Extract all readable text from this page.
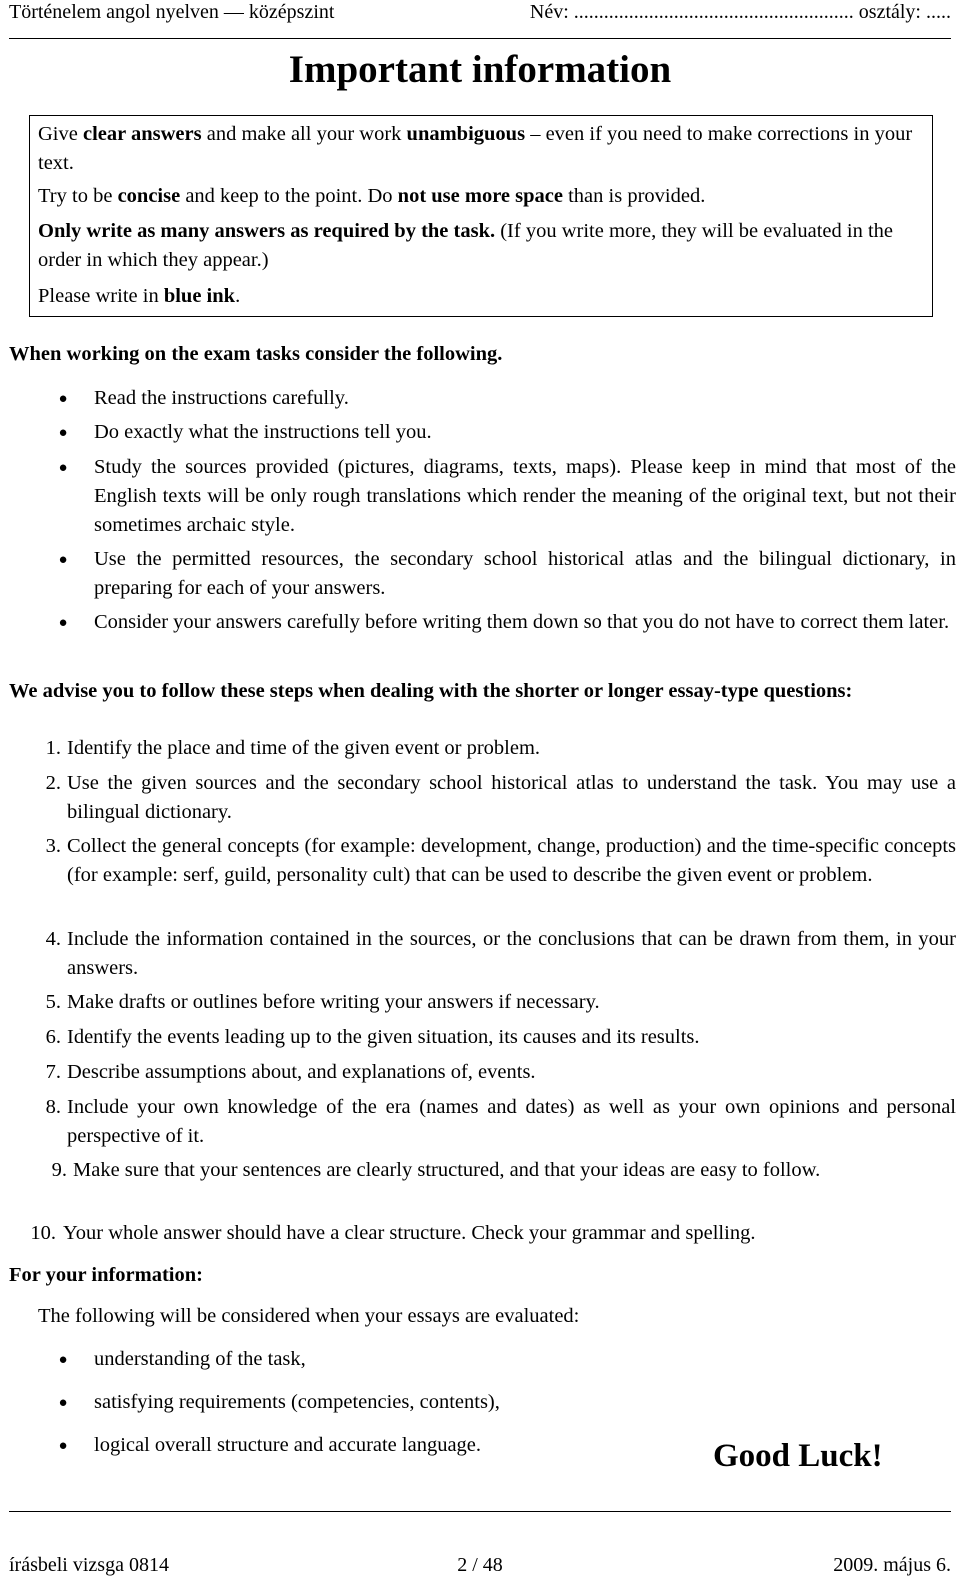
Történelem angol nyelven — középszint	Név: ........................................................ osztály: .....
Important information

Give clear answers and make all your work unambiguous – even if you need to make corrections in your text.

Try to be concise and keep to the point. Do not use more space than is provided.

Only write as many answers as required by the task. (If you write more, they will be evaluated in the order in which they appear.)

Please write in blue ink.

When working on the exam tasks consider the following.
● Read the instructions carefully.
● Do exactly what the instructions tell you.
● Study the sources provided (pictures, diagrams, texts, maps). Please keep in mind that most of the English texts will be only rough translations which render the meaning of the original text, but not their sometimes archaic style.
● Use the permitted resources, the secondary school historical atlas and the bilingual dictionary, in preparing for each of your answers.
● Consider your answers carefully before writing them down so that you do not have to correct them later.
We advise you to follow these steps when dealing with the shorter or longer essay-type questions:
1. Identify the place and time of the given event or problem.
2. Use the given sources and the secondary school historical atlas to understand the task. You may use a bilingual dictionary.
3. Collect the general concepts (for example: development, change, production) and the time-specific concepts (for example: serf, guild, personality cult) that can be used to describe the given event or problem.
4. Include the information contained in the sources, or the conclusions that can be drawn from them, in your answers.
5. Make drafts or outlines before writing your answers if necessary.
6. Identify the events leading up to the given situation, its causes and its results.
7. Describe assumptions about, and explanations of, events.
8. Include your own knowledge of the era (names and dates) as well as your own opinions and personal perspective of it.
9. Make sure that your sentences are clearly structured, and that your ideas are easy to follow.
10. Your whole answer should have a clear structure. Check your grammar and spelling.
For your information:
The following will be considered when your essays are evaluated:
● understanding of the task,
● satisfying requirements (competencies, contents),
● logical overall structure and accurate language.	Good Luck!
írásbeli vizsga 0814	2 / 48	2009. május 6.
